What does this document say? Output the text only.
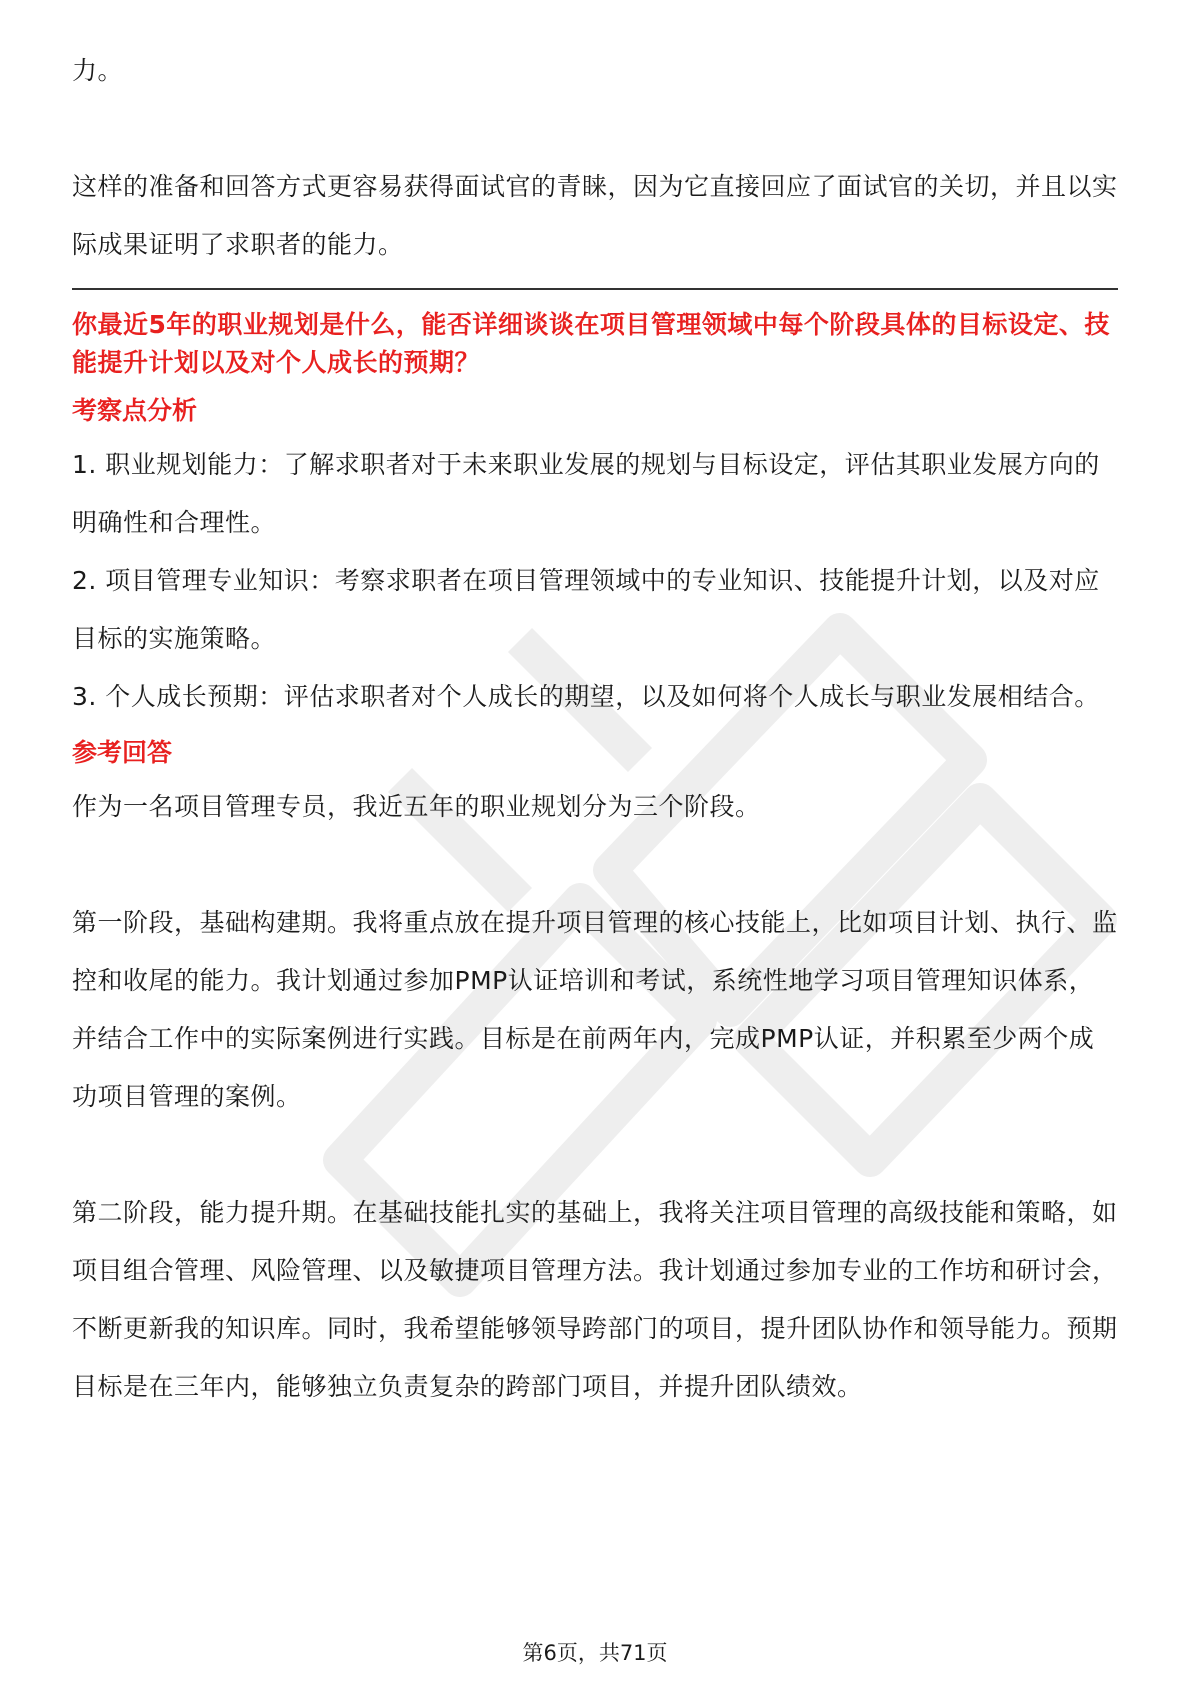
力。

这样的准备和回答方式更容易获得面试官的青睐，因为它直接回应了面试官的关切，并且以实际成果证明了求职者的能力。

你最近5年的职业规划是什么，能否详细谈谈在项目管理领域中每个阶段具体的目标设定、技能提升计划以及对个人成长的预期？

考察点分析

1. 职业规划能力：了解求职者对于未来职业发展的规划与目标设定，评估其职业发展方向的明确性和合理性。

2. 项目管理专业知识：考察求职者在项目管理领域中的专业知识、技能提升计划，以及对应目标的实施策略。

3. 个人成长预期：评估求职者对个人成长的期望，以及如何将个人成长与职业发展相结合。

参考回答

作为一名项目管理专员，我近五年的职业规划分为三个阶段。

第一阶段，基础构建期。我将重点放在提升项目管理的核心技能上，比如项目计划、执行、监控和收尾的能力。我计划通过参加PMP认证培训和考试，系统性地学习项目管理知识体系，并结合工作中的实际案例进行实践。目标是在前两年内，完成PMP认证，并积累至少两个成功项目管理的案例。

第二阶段，能力提升期。在基础技能扎实的基础上，我将关注项目管理的高级技能和策略，如项目组合管理、风险管理、以及敏捷项目管理方法。我计划通过参加专业的工作坊和研讨会，不断更新我的知识库。同时，我希望能够领导跨部门的项目，提升团队协作和领导能力。预期目标是在三年内，能够独立负责复杂的跨部门项目，并提升团队绩效。

第6页，共71页
